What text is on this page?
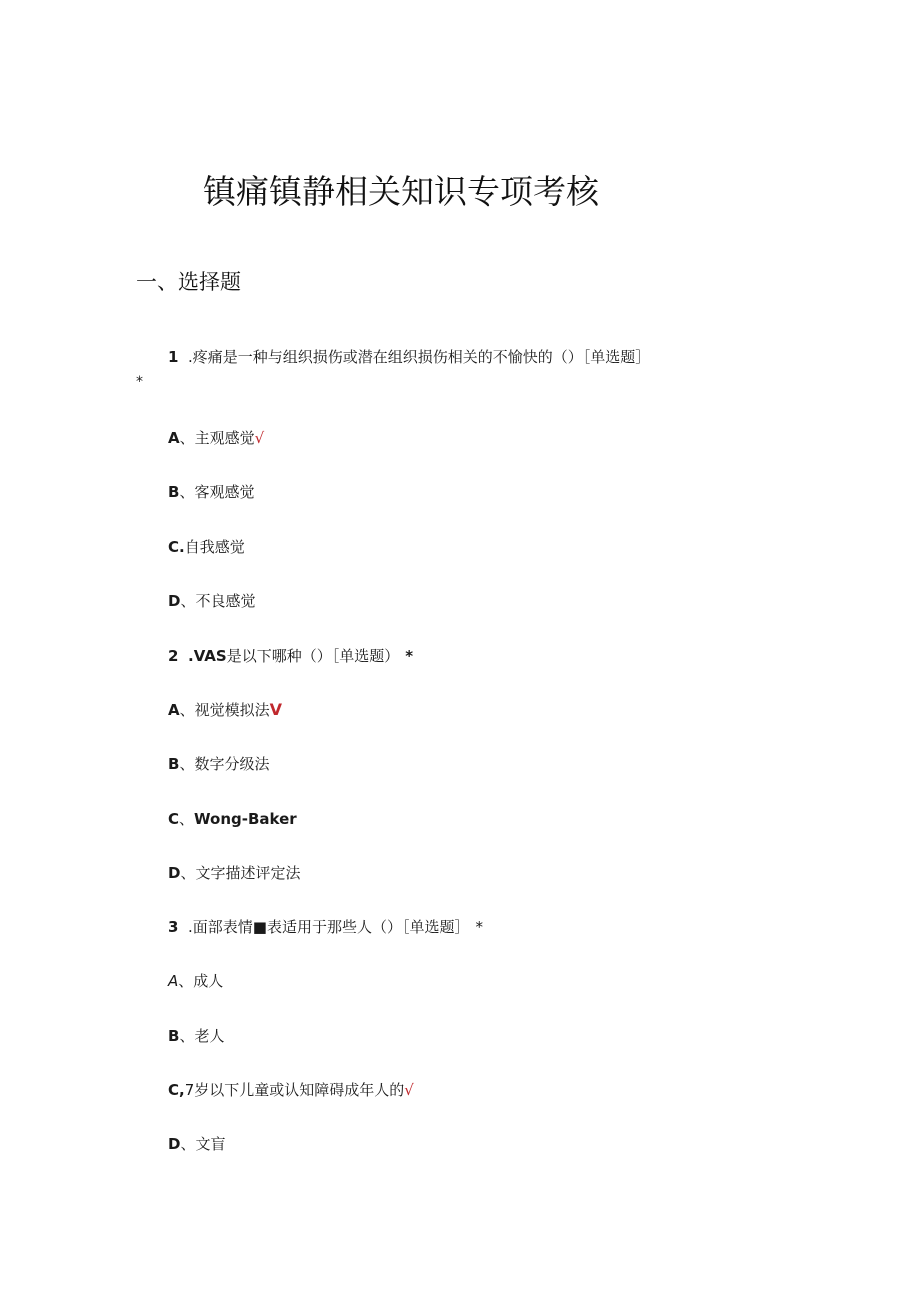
镇痛镇静相关知识专项考核
一、选择题
1 .疼痛是一种与组织损伤或潜在组织损伤相关的不愉快的（）［单选题］
*
A、主观感觉√
B、客观感觉
C.自我感觉
D、不良感觉
2 .VAS是以下哪种（）［单选题） *
A、视觉模拟法V
B、数字分级法
C、Wong-Baker
D、文字描述评定法
3 .面部表情■表适用于那些人（）［单选题］ *
A、成人
B、老人
C,7岁以下儿童或认知障碍成年人的√
D、文盲
